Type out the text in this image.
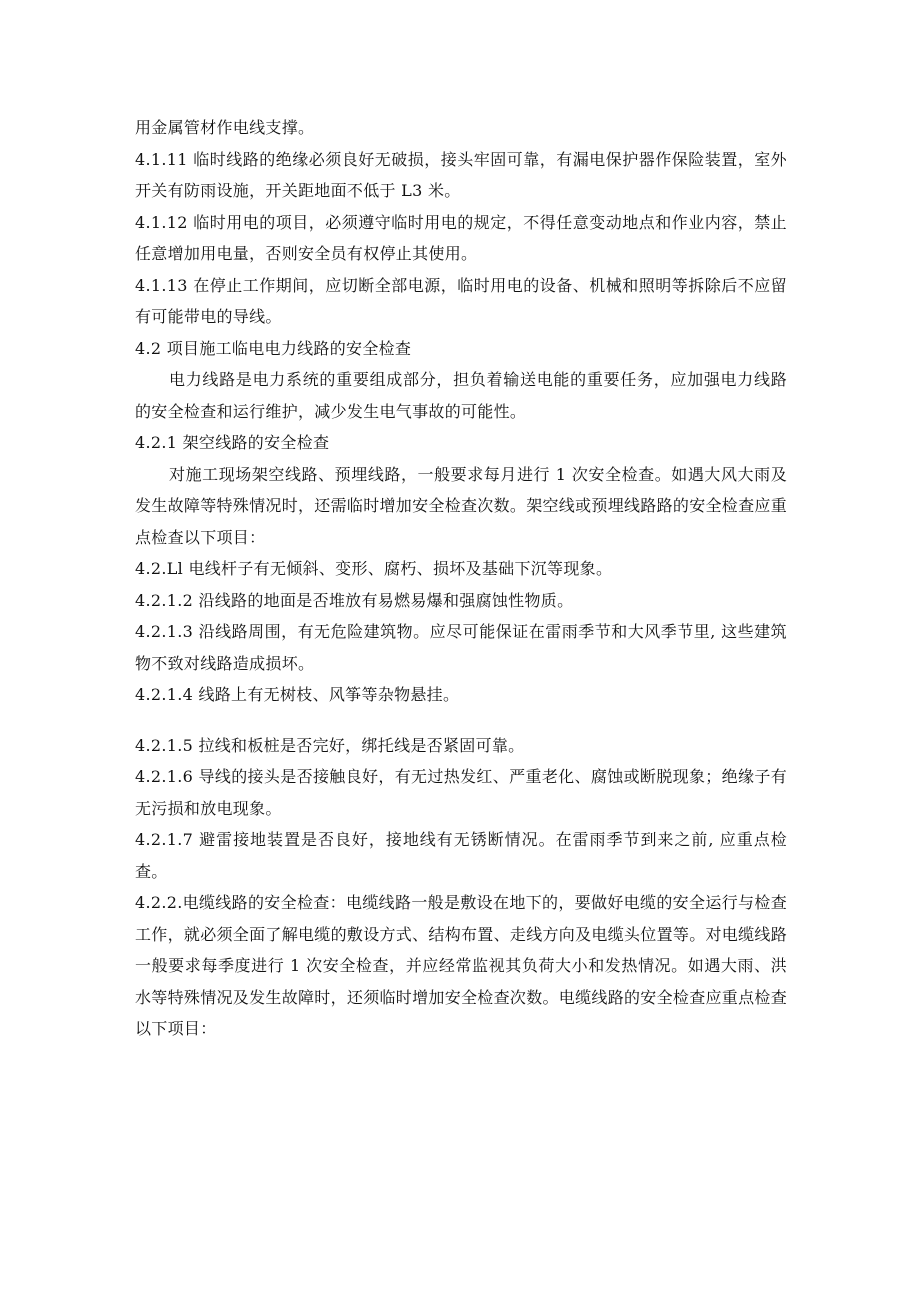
用金属管材作电线支撑。

4.1.11 临时线路的绝缘必须良好无破损，接头牢固可靠，有漏电保护器作保险装置，室外开关有防雨设施，开关距地面不低于 L3 米。

4.1.12 临时用电的项目，必须遵守临时用电的规定，不得任意变动地点和作业内容，禁止任意增加用电量，否则安全员有权停止其使用。

4.1.13 在停止工作期间，应切断全部电源，临时用电的设备、机械和照明等拆除后不应留有可能带电的导线。

4.2 项目施工临电电力线路的安全检查

电力线路是电力系统的重要组成部分，担负着输送电能的重要任务，应加强电力线路的安全检查和运行维护，减少发生电气事故的可能性。

4.2.1 架空线路的安全检查

对施工现场架空线路、预埋线路，一般要求每月进行 1 次安全检查。如遇大风大雨及发生故障等特殊情况时，还需临时增加安全检查次数。架空线或预埋线路路的安全检查应重点检查以下项目：

4.2.Ll 电线杆子有无倾斜、变形、腐朽、损坏及基础下沉等现象。

4.2.1.2 沿线路的地面是否堆放有易燃易爆和强腐蚀性物质。

4.2.1.3 沿线路周围，有无危险建筑物。应尽可能保证在雷雨季节和大风季节里, 这些建筑物不致对线路造成损坏。

4.2.1.4 线路上有无树枝、风筝等杂物悬挂。

4.2.1.5 拉线和板桩是否完好，绑托线是否紧固可靠。

4.2.1.6 导线的接头是否接触良好，有无过热发红、严重老化、腐蚀或断脱现象；绝缘子有无污损和放电现象。

4.2.1.7 避雷接地装置是否良好，接地线有无锈断情况。在雷雨季节到来之前, 应重点检查。

4.2.2.电缆线路的安全检查：电缆线路一般是敷设在地下的，要做好电缆的安全运行与检查工作，就必须全面了解电缆的敷设方式、结构布置、走线方向及电缆头位置等。对电缆线路一般要求每季度进行 1 次安全检查，并应经常监视其负荷大小和发热情况。如遇大雨、洪水等特殊情况及发生故障时，还须临时增加安全检查次数。电缆线路的安全检查应重点检查以下项目：
